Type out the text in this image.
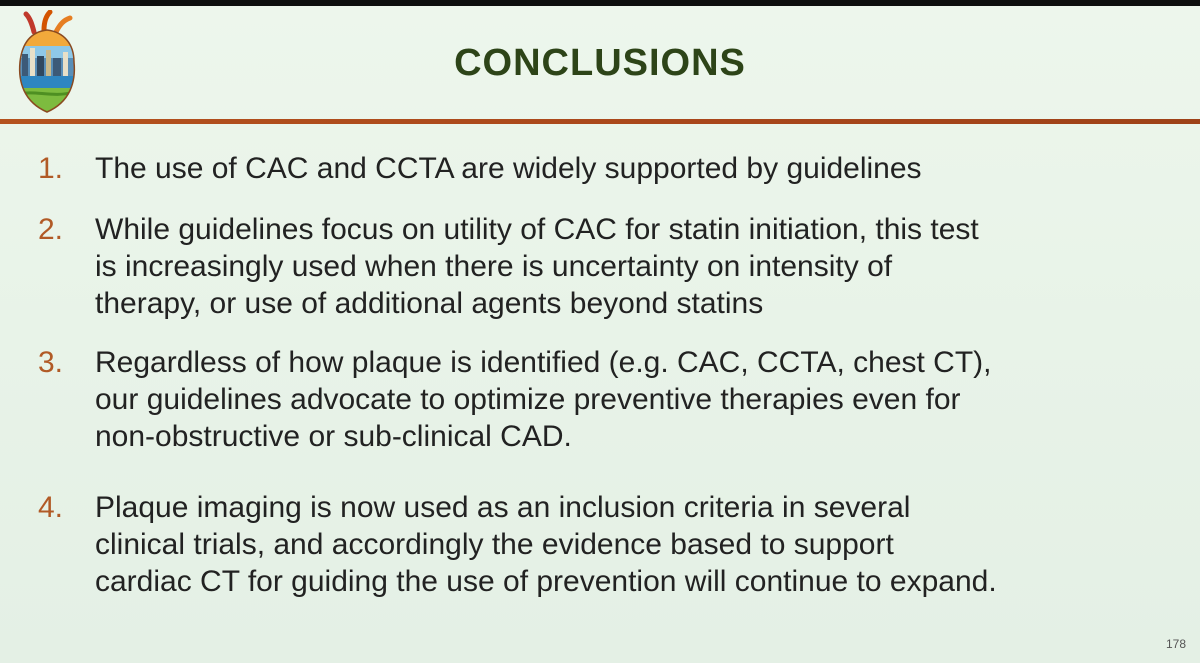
CONCLUSIONS
1.	The use of CAC and CCTA are widely supported by guidelines
2.	While guidelines focus on utility of CAC for statin initiation, this test
is increasingly used when there is uncertainty on intensity of
therapy, or use of additional agents beyond statins
3.	Regardless of how plaque is identified (e.g. CAC, CCTA, chest CT),
our guidelines advocate to optimize preventive therapies even for
non-obstructive or sub-clinical CAD.
4.	Plaque imaging is now used as an inclusion criteria in several
clinical trials, and accordingly the evidence based to support
cardiac CT for guiding the use of prevention will continue to expand.
178
